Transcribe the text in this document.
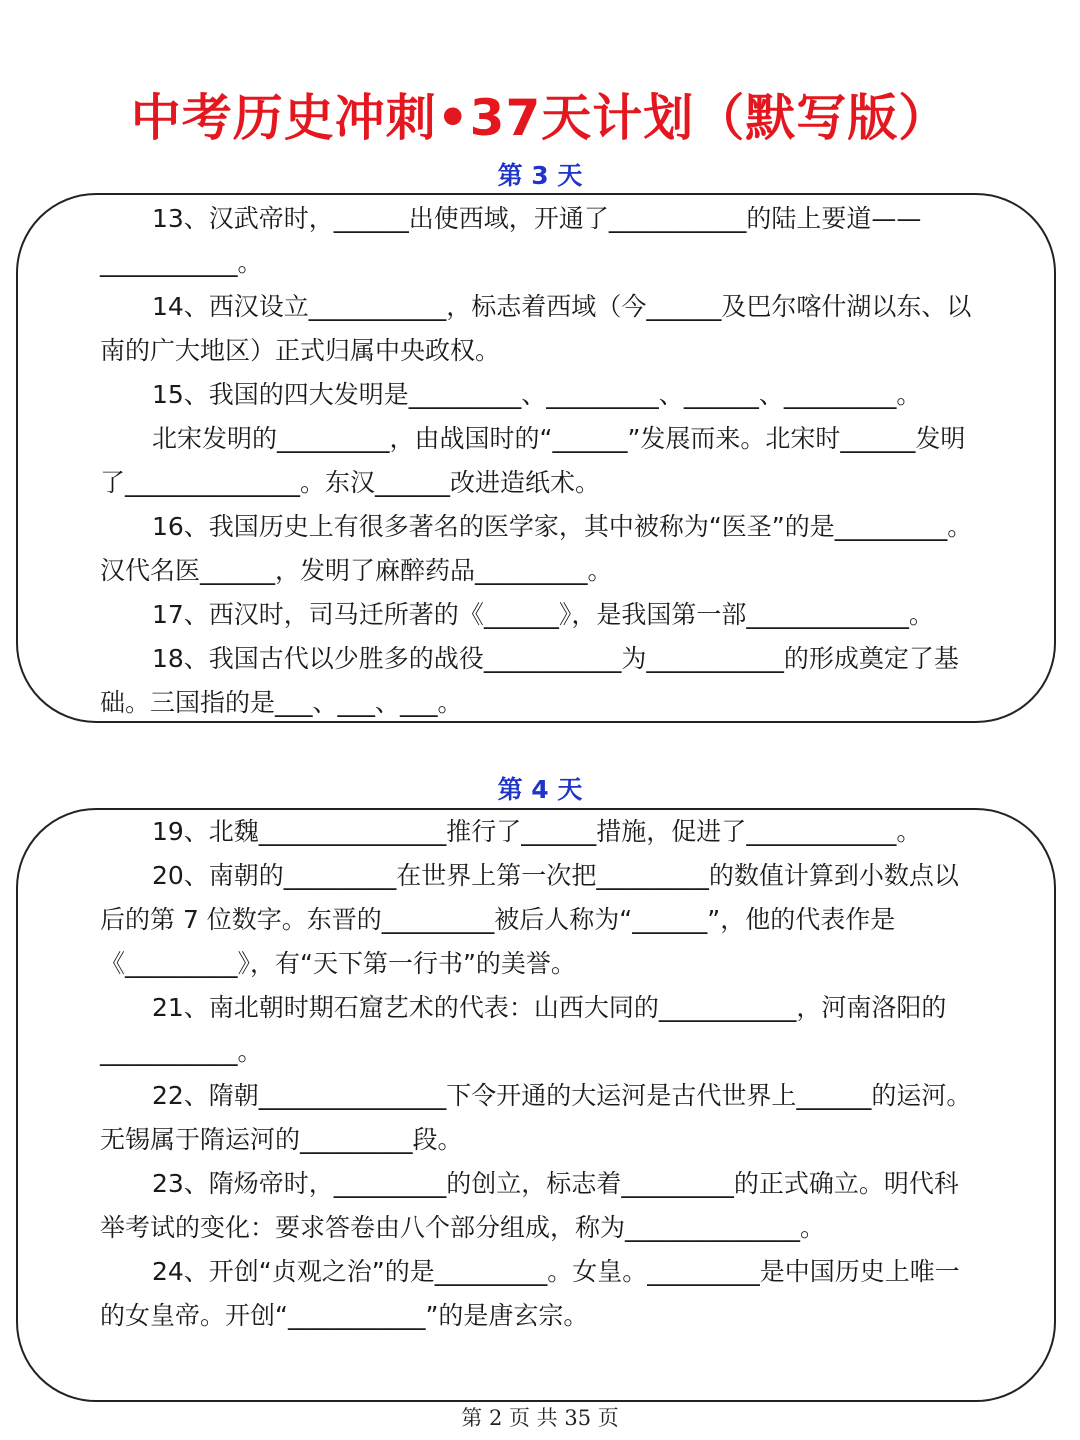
中考历史冲刺•37天计划（默写版）
第 3 天

13、汉武帝时，______出使西域，开通了___________的陆上要道——___________。

14、西汉设立___________，标志着西域（今______及巴尔喀什湖以东、以南的广大地区）正式归属中央政权。

15、我国的四大发明是_________、_________、______、_________。

北宋发明的_________，由战国时的“______”发展而来。北宋时______发明了______________。东汉______改进造纸术。

16、我国历史上有很多著名的医学家，其中被称为“医圣”的是_________。汉代名医______，发明了麻醉药品_________。

17、西汉时，司马迁所著的《______》，是我国第一部_____________。

18、我国古代以少胜多的战役___________为___________的形成奠定了基础。三国指的是___、___、___。

第 4 天

19、北魏_______________推行了______措施，促进了____________。

20、南朝的_________在世界上第一次把_________的数值计算到小数点以后的第 7 位数字。东晋的_________被后人称为“______”，他的代表作是《_________》，有“天下第一行书”的美誉。

21、南北朝时期石窟艺术的代表：山西大同的___________，河南洛阳的___________。

22、隋朝_______________下令开通的大运河是古代世界上______的运河。无锡属于隋运河的_________段。

23、隋炀帝时，_________的创立，标志着_________的正式确立。明代科举考试的变化：要求答卷由八个部分组成，称为______________。

24、开创“贞观之治”的是_________。女皇。_________是中国历史上唯一的女皇帝。开创“___________”的是唐玄宗。

第 2 页 共 35 页
